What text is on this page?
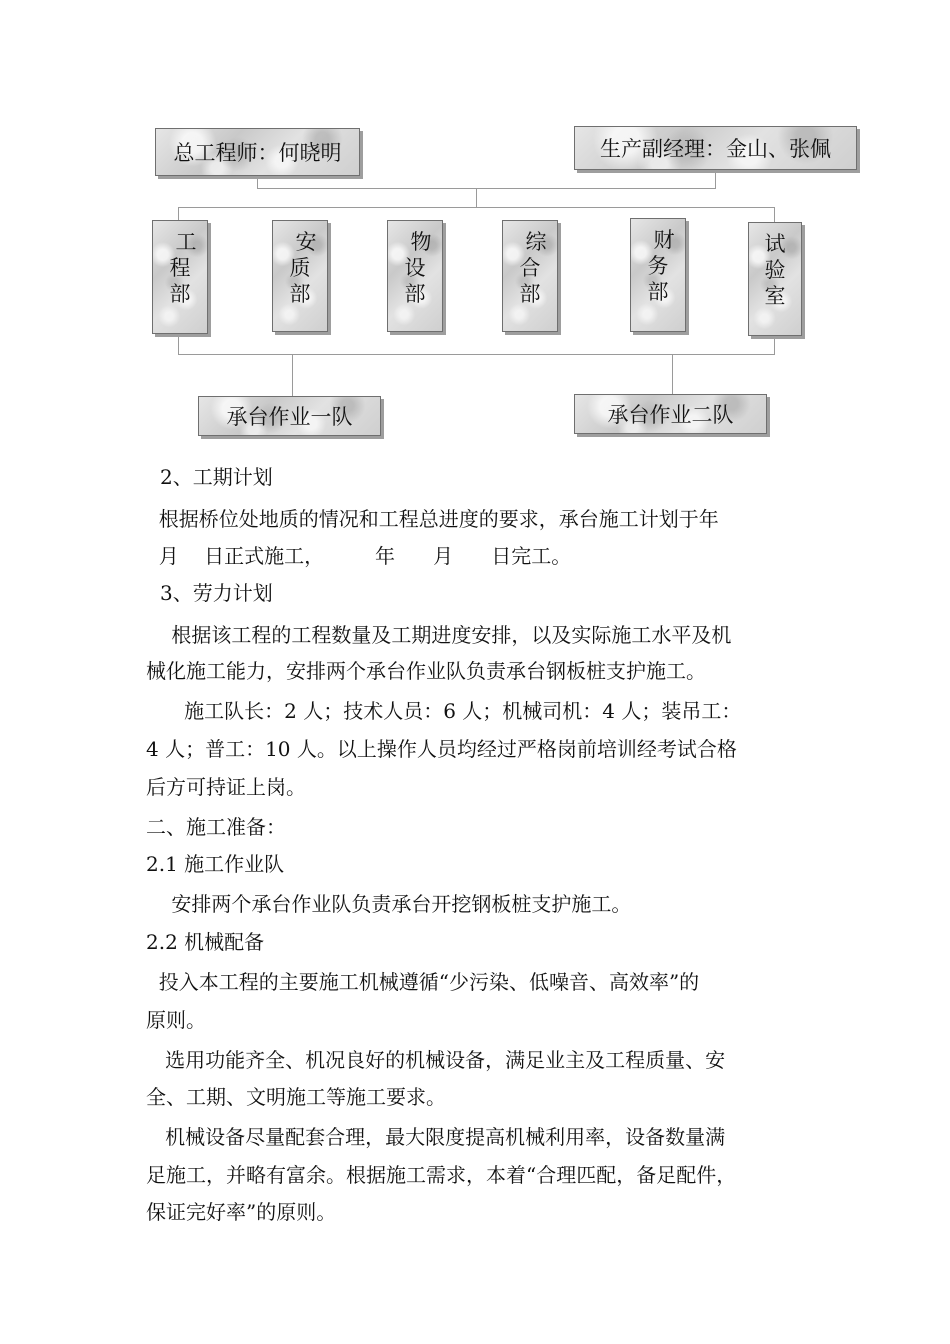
总工程师：何晓明	生产副经理：金山、张佩
工
程
部
安
质
部
物
设
部
综
合
部
财
务
部
试
验
室
承台作业一队	承台作业二队
2、工期计划
根据桥位处地质的情况和工程总进度的要求，承台施工计划于年
月    日正式施工，        年      月      日完工。
3、劳力计划
根据该工程的工程数量及工期进度安排，以及实际施工水平及机
械化施工能力，安排两个承台作业队负责承台钢板桩支护施工。
施工队长：2 人；技术人员：6 人；机械司机：4 人；装吊工：
4 人；普工：10 人。以上操作人员均经过严格岗前培训经考试合格
后方可持证上岗。
二、施工准备：
2.1 施工作业队
安排两个承台作业队负责承台开挖钢板桩支护施工。
2.2 机械配备
投入本工程的主要施工机械遵循“少污染、低噪音、高效率”的
原则。
选用功能齐全、机况良好的机械设备，满足业主及工程质量、安
全、工期、文明施工等施工要求。
机械设备尽量配套合理，最大限度提高机械利用率，设备数量满
足施工，并略有富余。根据施工需求，本着“合理匹配，备足配件，
保证完好率”的原则。
